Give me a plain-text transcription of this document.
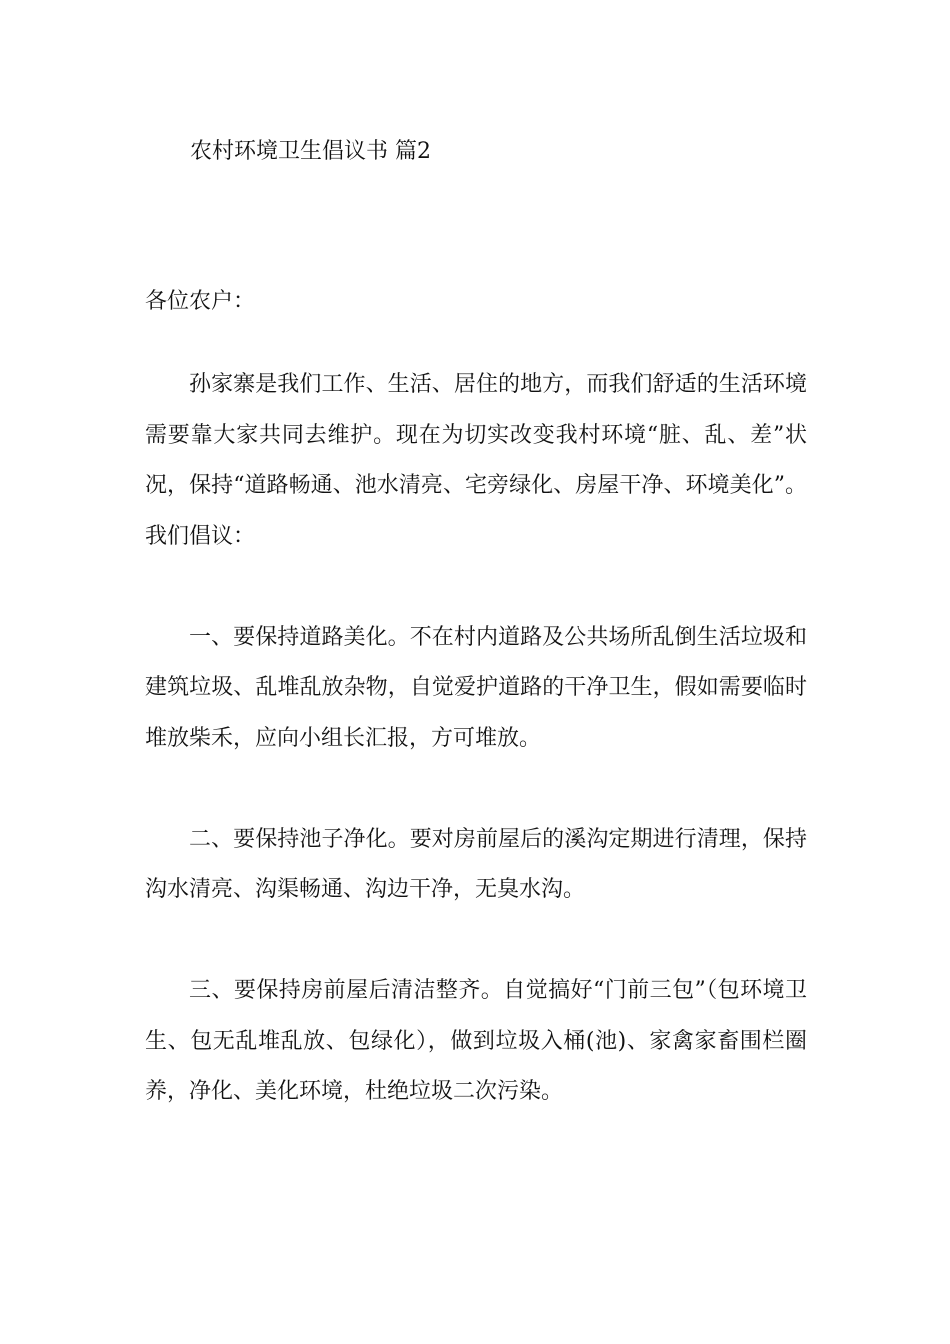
农村环境卫生倡议书 篇2
各位农户：

孙家寨是我们工作、生活、居住的地方，而我们舒适的生活环境需要靠大家共同去维护。现在为切实改变我村环境“脏、乱、差”状况，保持“道路畅通、池水清亮、宅旁绿化、房屋干净、环境美化”。我们倡议：

一、要保持道路美化。不在村内道路及公共场所乱倒生活垃圾和建筑垃圾、乱堆乱放杂物，自觉爱护道路的干净卫生，假如需要临时堆放柴禾，应向小组长汇报，方可堆放。

二、要保持池子净化。要对房前屋后的溪沟定期进行清理，保持沟水清亮、沟渠畅通、沟边干净，无臭水沟。

三、要保持房前屋后清洁整齐。自觉搞好“门前三包”（包环境卫生、包无乱堆乱放、包绿化），做到垃圾入桶(池)、家禽家畜围栏圈养，净化、美化环境，杜绝垃圾二次污染。
